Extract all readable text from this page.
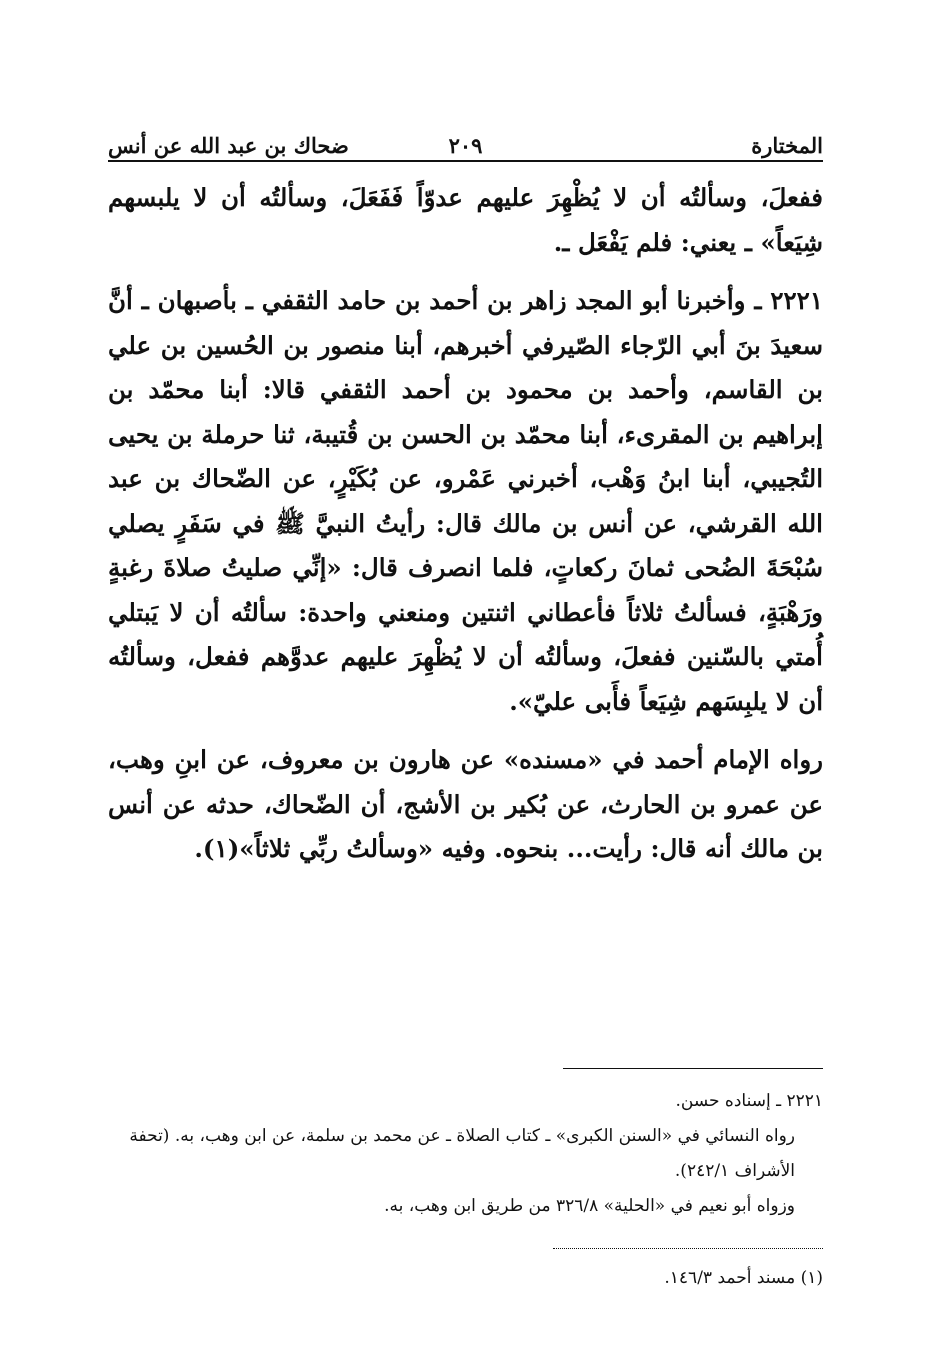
المختارة
٢٠٩
ضحاك بن عبد الله عن أنس

ففعلَ، وسألتُه أن لا يُظْهِرَ عليهم عدوّاً فَفَعَلَ، وسألتُه أن لا يلبسهم شِيَعاً» ـ يعني: فلم يَفْعَل ـ.

٢٢٢١ ـ وأخبرنا أبو المجد زاهر بن أحمد بن حامد الثقفي ـ بأصبهان ـ أنَّ سعيدَ بنَ أبي الرّجاء الصّيرفي أخبرهم، أبنا منصور بن الحُسين بن علي بن القاسم، وأحمد بن محمود بن أحمد الثقفي قالا: أبنا محمّد بن إبراهيم بن المقرىء، أبنا محمّد بن الحسن بن قُتيبة، ثنا حرملة بن يحيى التُجيبي، أبنا ابنُ وَهْب، أخبرني عَمْرو، عن بُكَيْرٍ، عن الضّحاك بن عبد الله القرشي، عن أنس بن مالك قال: رأيتُ النبيَّ ﷺ في سَفَرٍ يصلي سُبْحَةَ الضُحى ثمانَ ركعاتٍ، فلما انصرف قال: «إنِّي صليتُ صلاةَ رغبةٍ ورَهْبَةٍ، فسألتُ ثلاثاً فأعطاني اثنتين ومنعني واحدة: سألتُه أن لا يَبتلي أُمتي بالسّنين ففعلَ، وسألتُه أن لا يُظْهِرَ عليهم عدوَّهم ففعل، وسألتُه أن لا يلبِسَهم شِيَعاً فأَبى عليّ».

رواه الإمام أحمد في «مسنده» عن هارون بن معروف، عن ابنِ وهب، عن عمرو بن الحارث، عن بُكير بن الأشج، أن الضّحاك، حدثه عن أنس بن مالك أنه قال: رأيت... بنحوه. وفيه «وسألتُ ربِّي ثلاثاً»(١).

٢٢٢١ ـ إسناده حسن.

رواه النسائي في «السنن الكبرى» ـ كتاب الصلاة ـ عن محمد بن سلمة، عن ابن وهب، به. (تحفة الأشراف ٢٤٢/١).

وزواه أبو نعيم في «الحلية» ٣٢٦/٨ من طريق ابن وهب، به.

(١) مسند أحمد ١٤٦/٣.
